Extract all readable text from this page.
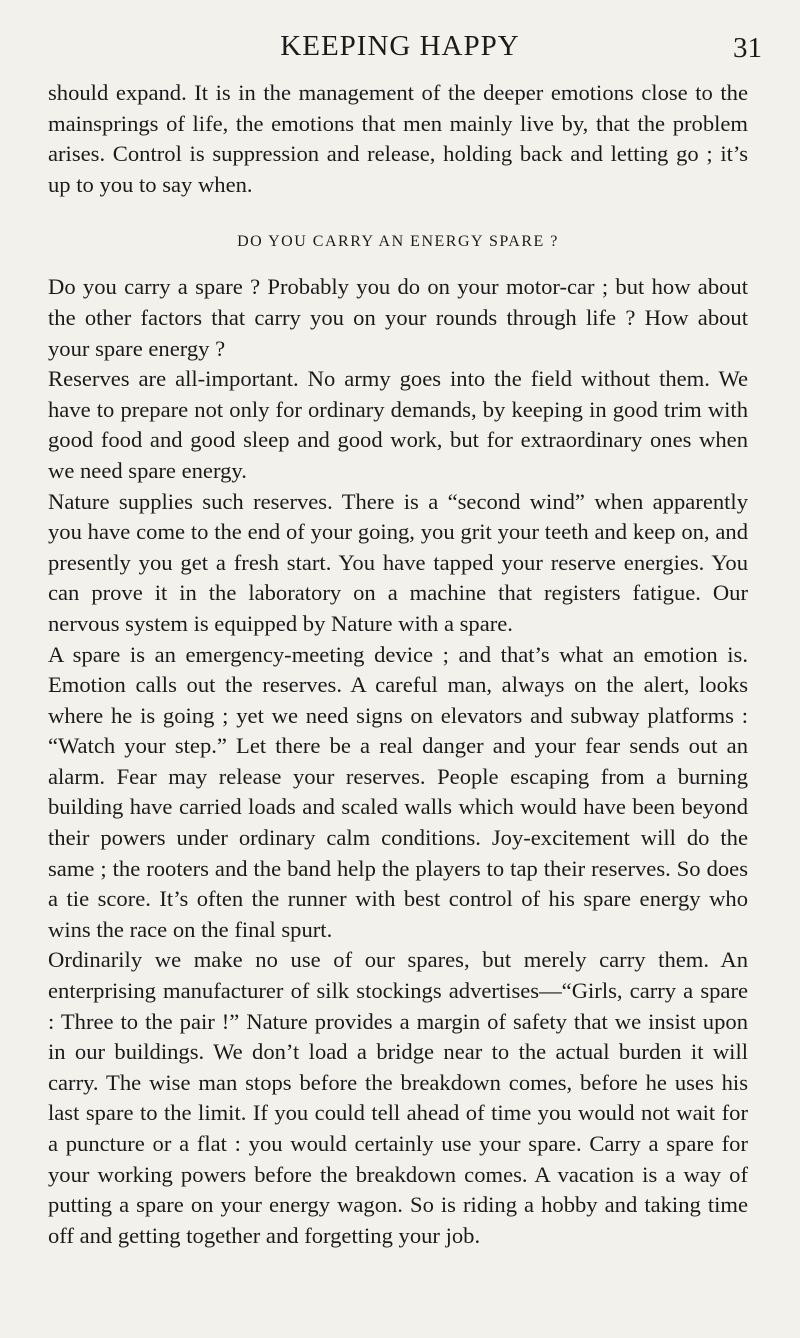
KEEPING HAPPY	31

should expand. It is in the management of the deeper emotions close to the mainsprings of life, the emotions that men mainly live by, that the problem arises. Control is suppression and release, holding back and letting go ; it’s up to you to say when.

DO YOU CARRY AN ENERGY SPARE ?

Do you carry a spare ? Probably you do on your motor-car ; but how about the other factors that carry you on your rounds through life ? How about your spare energy ?

Reserves are all-important. No army goes into the field without them. We have to prepare not only for ordinary demands, by keeping in good trim with good food and good sleep and good work, but for extraordinary ones when we need spare energy.

Nature supplies such reserves. There is a “second wind” when apparently you have come to the end of your going, you grit your teeth and keep on, and presently you get a fresh start. You have tapped your reserve energies. You can prove it in the laboratory on a machine that registers fatigue. Our nervous system is equipped by Nature with a spare.

A spare is an emergency-meeting device ; and that’s what an emotion is. Emotion calls out the reserves. A careful man, always on the alert, looks where he is going ; yet we need signs on elevators and subway platforms : “Watch your step.” Let there be a real danger and your fear sends out an alarm. Fear may release your reserves. People escaping from a burning building have carried loads and scaled walls which would have been beyond their powers under ordinary calm conditions. Joy-excitement will do the same ; the rooters and the band help the players to tap their reserves. So does a tie score. It’s often the runner with best control of his spare energy who wins the race on the final spurt.

Ordinarily we make no use of our spares, but merely carry them. An enterprising manufacturer of silk stockings advertises—“Girls, carry a spare : Three to the pair !” Nature provides a margin of safety that we insist upon in our buildings. We don’t load a bridge near to the actual burden it will carry. The wise man stops before the breakdown comes, before he uses his last spare to the limit. If you could tell ahead of time you would not wait for a puncture or a flat : you would certainly use your spare. Carry a spare for your working powers before the breakdown comes. A vacation is a way of putting a spare on your energy wagon. So is riding a hobby and taking time off and getting together and forgetting your job.
